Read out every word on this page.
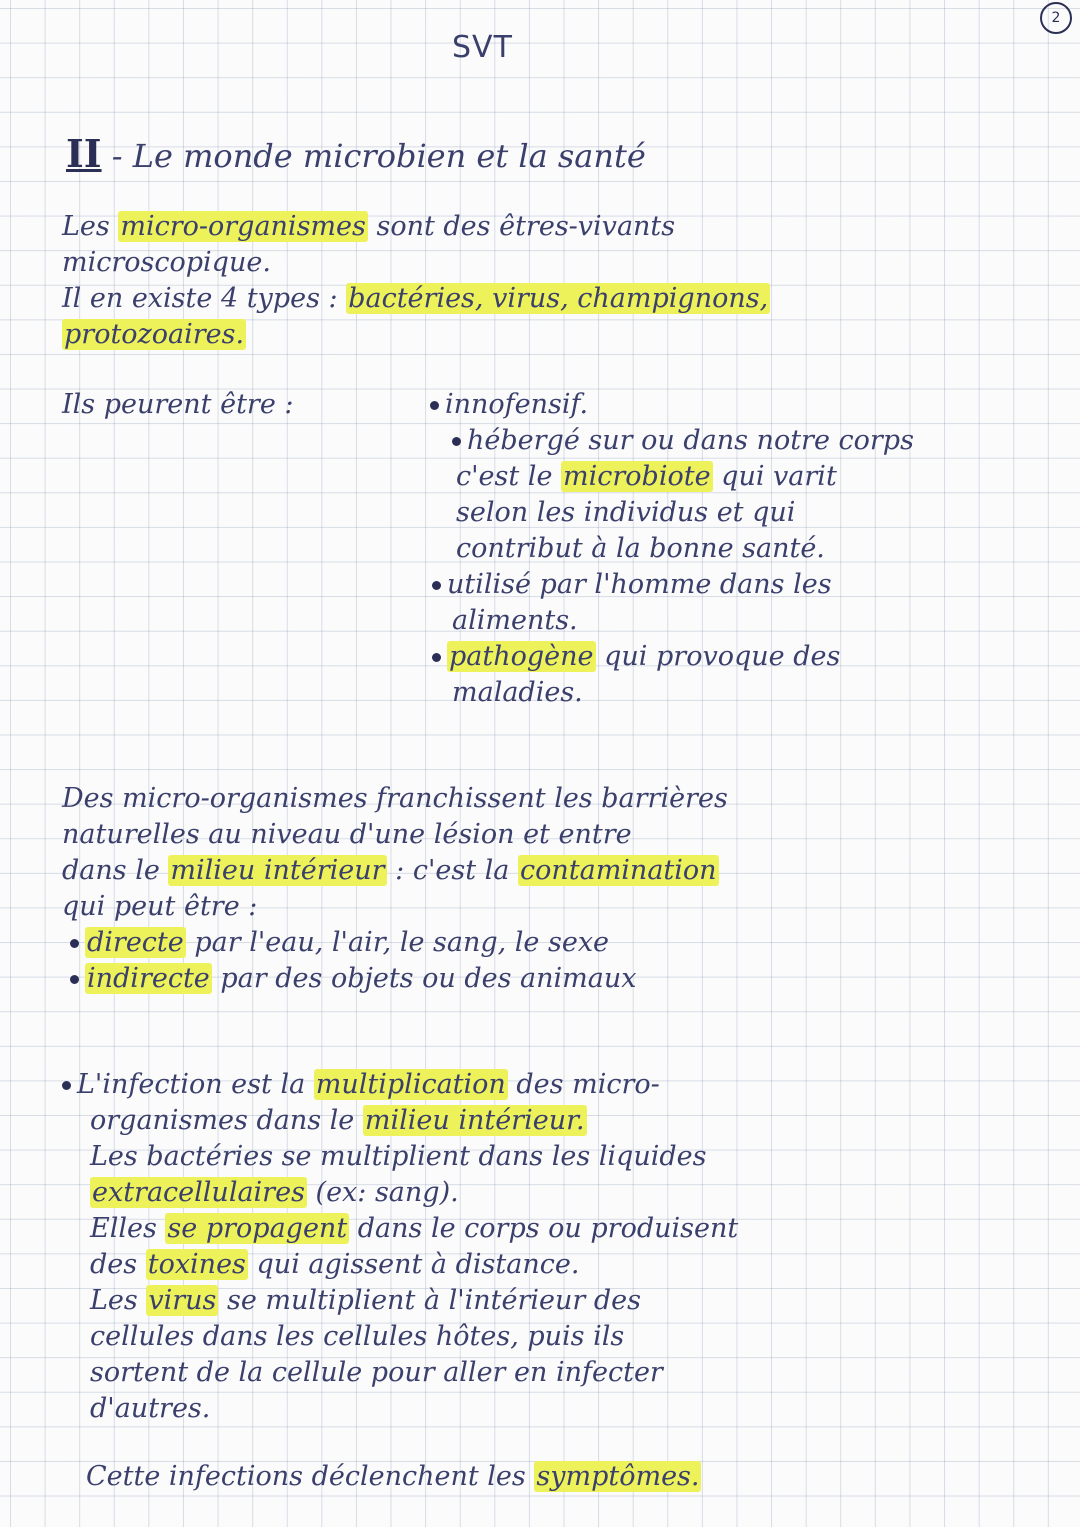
SVT
2
II - Le monde microbien et la santé
Les micro-organismes sont des êtres-vivants
microscopique.
Il en existe 4 types : bactéries, virus, champignons,
protozoaires.
Ils peurent être :	innofensif.
hébergé sur ou dans notre corps
c'est le microbiote qui varit
selon les individus et qui
contribut à la bonne santé.
utilisé par l'homme dans les
aliments.
pathogène qui provoque des
maladies.
Des micro-organismes franchissent les barrières
naturelles au niveau d'une lésion et entre
dans le milieu intérieur : c'est la contamination
qui peut être :
directe par l'eau, l'air, le sang, le sexe
indirecte par des objets ou des animaux
L'infection est la multiplication des micro-
organismes dans le milieu intérieur.
Les bactéries se multiplient dans les liquides
extracellulaires (ex: sang).
Elles se propagent dans le corps ou produisent
des toxines qui agissent à distance.
Les virus se multiplient à l'intérieur des
cellules dans les cellules hôtes, puis ils
sortent de la cellule pour aller en infecter
d'autres.
Cette infections déclenchent les symptômes.
